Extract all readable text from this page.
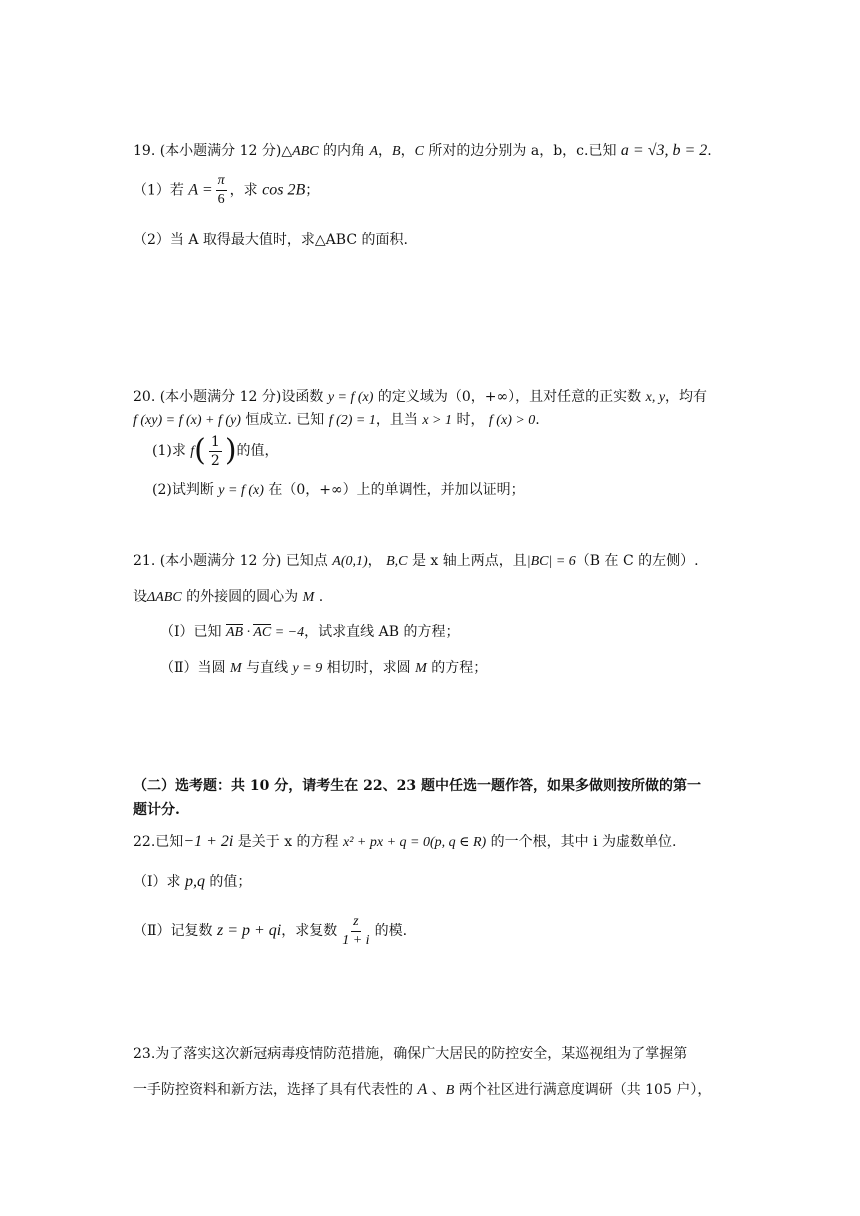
19. (本小题满分 12 分)△ABC 的内角 A，B，C 所对的边分别为 a，b，c.已知 a = √3, b = 2.
（1）若 $A = \frac{\pi}{6}$ ，求 cos 2B；
（2）当 A 取得最大值时，求△ABC 的面积.
20. (本小题满分 12 分)设函数 y = f (x) 的定义域为（0，+∞），且对任意的正实数 x, y，均有
f (xy) = f (x) + f (y) 恒成立. 已知 f (2) = 1，且当 x > 1 时， f (x) > 0.
(1)求 $f( \frac{1}{2}$ )的值，
(2)试判断 y = f (x) 在（0，+∞）上的单调性，并加以证明；
21. (本小题满分 12 分) 已知点 A(0,1)， B,C 是 x 轴上两点，且|BC| = 6（B 在 C 的左侧）.
设ΔABC 的外接圆的圆心为 M .
（Ⅰ）已知 AB · AC = −4，试求直线 AB 的方程；
（Ⅱ）当圆 M 与直线 y = 9 相切时，求圆 M 的方程；
（二）选考题：共 10 分，请考生在 22、23 题中任选一题作答，如果多做则按所做的第一
题计分.
22.已知−1 + 2i 是关于 x 的方程 x² + px + q = 0(p, q ∈ R) 的一个根，其中 i 为虚数单位.
（Ⅰ）求 p,q 的值；
（Ⅱ）记复数 z = p + qi，求复数 $\frac{z}{1 + i}$ 的模.
23.为了落实这次新冠病毒疫情防范措施，确保广大居民的防控安全，某巡视组为了掌握第
一手防控资料和新方法，选择了具有代表性的 A 、B 两个社区进行满意度调研（共 105 户），
